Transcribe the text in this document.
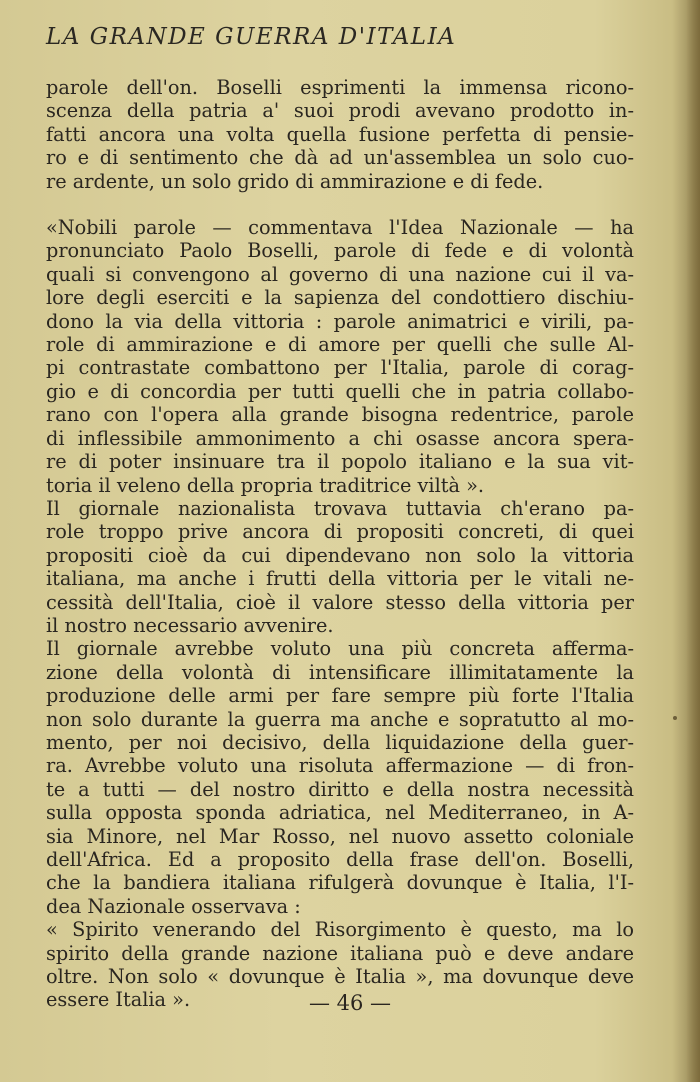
LA GRANDE GUERRA D'ITALIA

parole dell'on. Boselli esprimenti la immensa ricono-
scenza della patria a' suoi prodi avevano prodotto in-
fatti ancora una volta quella fusione perfetta di pensie-
ro e di sentimento che dà ad un'assemblea un solo cuo-
re ardente, un solo grido di ammirazione e di fede.

«Nobili parole — commentava l'Idea Nazionale — ha
pronunciato Paolo Boselli, parole di fede e di volontà
quali si convengono al governo di una nazione cui il va-
lore degli eserciti e la sapienza del condottiero dischiu-
dono la via della vittoria : parole animatrici e virili, pa-
role di ammirazione e di amore per quelli che sulle Al-
pi contrastate combattono per l'Italia, parole di corag-
gio e di concordia per tutti quelli che in patria collabo-
rano con l'opera alla grande bisogna redentrice, parole
di inflessibile ammonimento a chi osasse ancora spera-
re di poter insinuare tra il popolo italiano e la sua vit-
toria il veleno della propria traditrice viltà ».

Il giornale nazionalista trovava tuttavia ch'erano pa-
role troppo prive ancora di propositi concreti, di quei
propositi cioè da cui dipendevano non solo la vittoria
italiana, ma anche i frutti della vittoria per le vitali ne-
cessità dell'Italia, cioè il valore stesso della vittoria per
il nostro necessario avvenire.

Il giornale avrebbe voluto una più concreta afferma-
zione della volontà di intensificare illimitatamente la
produzione delle armi per fare sempre più forte l'Italia
non solo durante la guerra ma anche e sopratutto al mo-
mento, per noi decisivo, della liquidazione della guer-
ra. Avrebbe voluto una risoluta affermazione — di fron-
te a tutti — del nostro diritto e della nostra necessità
sulla opposta sponda adriatica, nel Mediterraneo, in A-
sia Minore, nel Mar Rosso, nel nuovo assetto coloniale
dell'Africa. Ed a proposito della frase dell'on. Boselli,
che la bandiera italiana rifulgerà dovunque è Italia, l'I-
dea Nazionale osservava :

« Spirito venerando del Risorgimento è questo, ma lo
spirito della grande nazione italiana può e deve andare
oltre. Non solo « dovunque è Italia », ma dovunque deve
essere Italia ».	— 46 —
